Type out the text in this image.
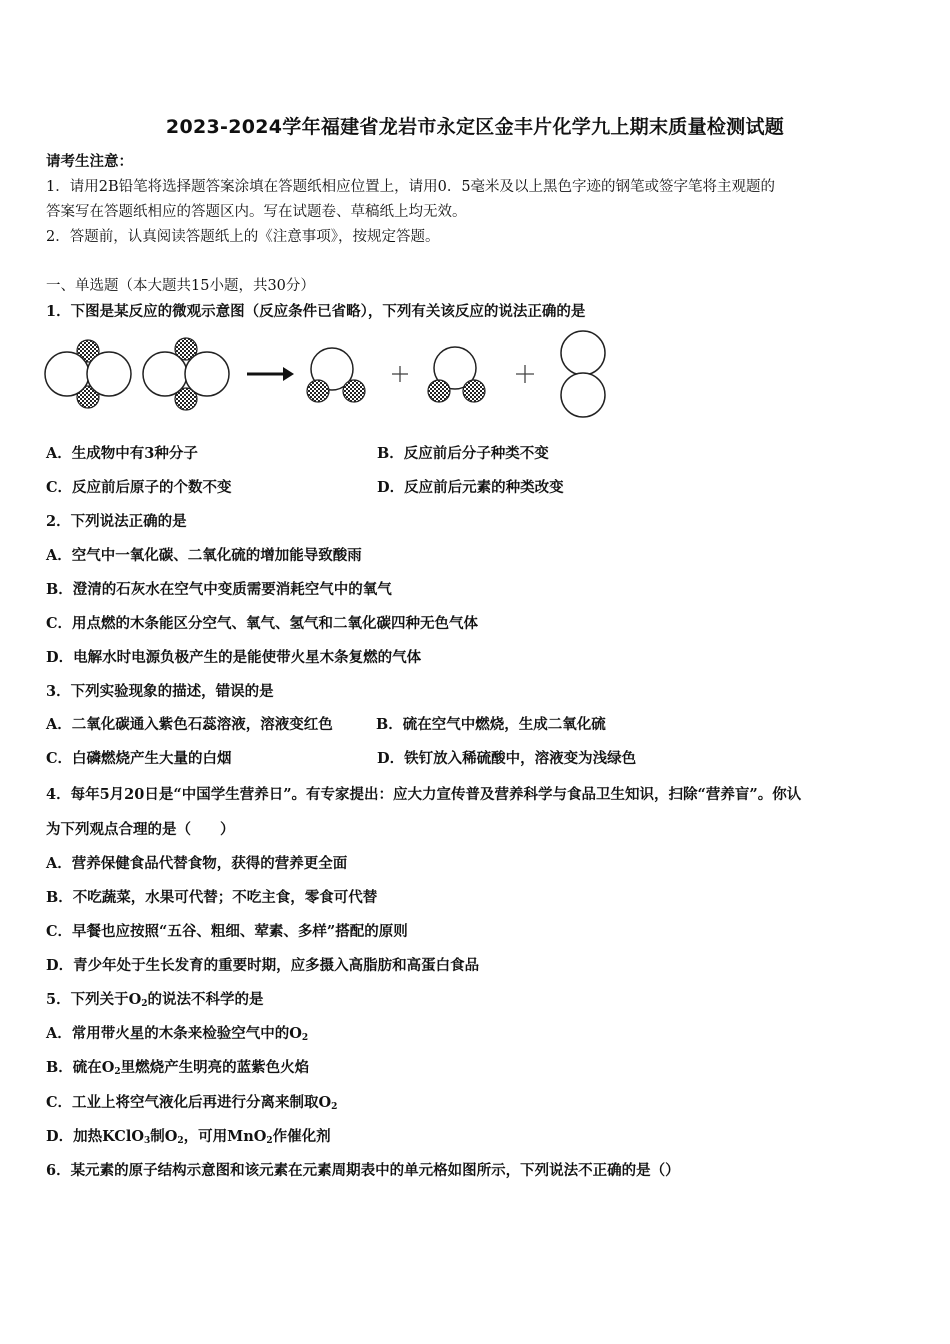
2023-2024学年福建省龙岩市永定区金丰片化学九上期末质量检测试题
请考生注意：
1．请用2B铅笔将选择题答案涂填在答题纸相应位置上，请用0．5毫米及以上黑色字迹的钢笔或签字笔将主观题的
答案写在答题纸相应的答题区内。写在试题卷、草稿纸上均无效。
2．答题前，认真阅读答题纸上的《注意事项》，按规定答题。
一、单选题（本大题共15小题，共30分）
1．下图是某反应的微观示意图（反应条件已省略），下列有关该反应的说法正确的是
A．生成物中有3种分子	B．反应前后分子种类不变
C．反应前后原子的个数不变	D．反应前后元素的种类改变
2．下列说法正确的是
A．空气中一氧化碳、二氧化硫的增加能导致酸雨
B．澄清的石灰水在空气中变质需要消耗空气中的氧气
C．用点燃的木条能区分空气、氧气、氢气和二氧化碳四种无色气体
D．电解水时电源负极产生的是能使带火星木条复燃的气体
3．下列实验现象的描述，错误的是
A．二氧化碳通入紫色石蕊溶液，溶液变红色	B．硫在空气中燃烧，生成二氧化硫
C．白磷燃烧产生大量的白烟	D．铁钉放入稀硫酸中，溶液变为浅绿色
4．每年5月20日是“中国学生营养日”。有专家提出：应大力宣传普及营养科学与食品卫生知识，扫除“营养盲”。你认
为下列观点合理的是（　　）
A．营养保健食品代替食物，获得的营养更全面
B．不吃蔬菜，水果可代替；不吃主食，零食可代替
C．早餐也应按照“五谷、粗细、荤素、多样”搭配的原则
D．青少年处于生长发育的重要时期，应多摄入高脂肪和高蛋白食品
5．下列关于$O_2$的说法不科学的是
A．常用带火星的木条来检验空气中的$O_2$
B．硫在$O_2$里燃烧产生明亮的蓝紫色火焰
C．工业上将空气液化后再进行分离来制取$O_2$
D．加热KClO$_3$制$O_2$，可用MnO$_2$作催化剂
6．某元素的原子结构示意图和该元素在元素周期表中的单元格如图所示，下列说法不正确的是（）
